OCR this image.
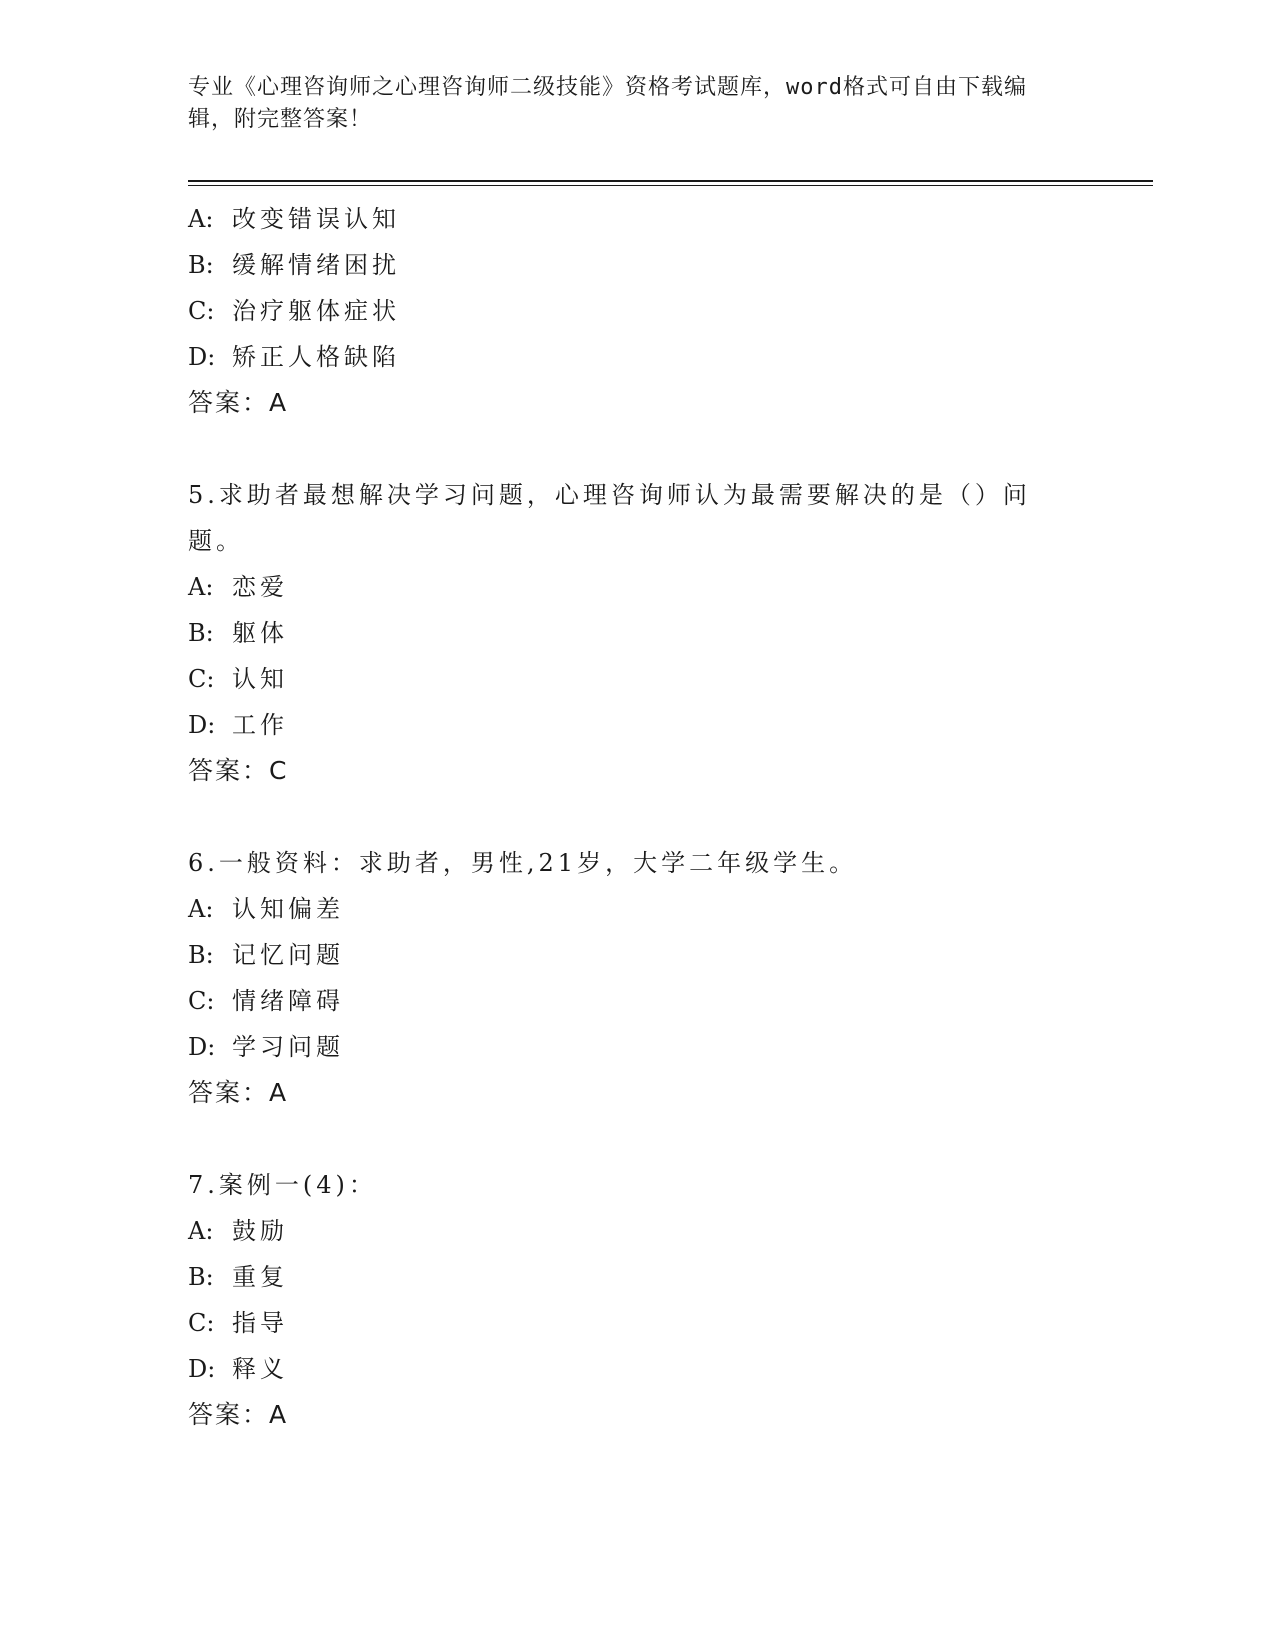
专业《心理咨询师之心理咨询师二级技能》资格考试题库，word格式可自由下载编辑，附完整答案！

A: 改变错误认知
B: 缓解情绪困扰
C: 治疗躯体症状
D: 矫正人格缺陷
答案：A

5.求助者最想解决学习问题，心理咨询师认为最需要解决的是（）问题。

A: 恋爱
B: 躯体
C: 认知
D: 工作
答案：C

6.一般资料：求助者，男性,21岁，大学二年级学生。

A: 认知偏差
B: 记忆问题
C: 情绪障碍
D: 学习问题
答案：A

7.案例一(4)：

A: 鼓励
B: 重复
C: 指导
D: 释义
答案：A
